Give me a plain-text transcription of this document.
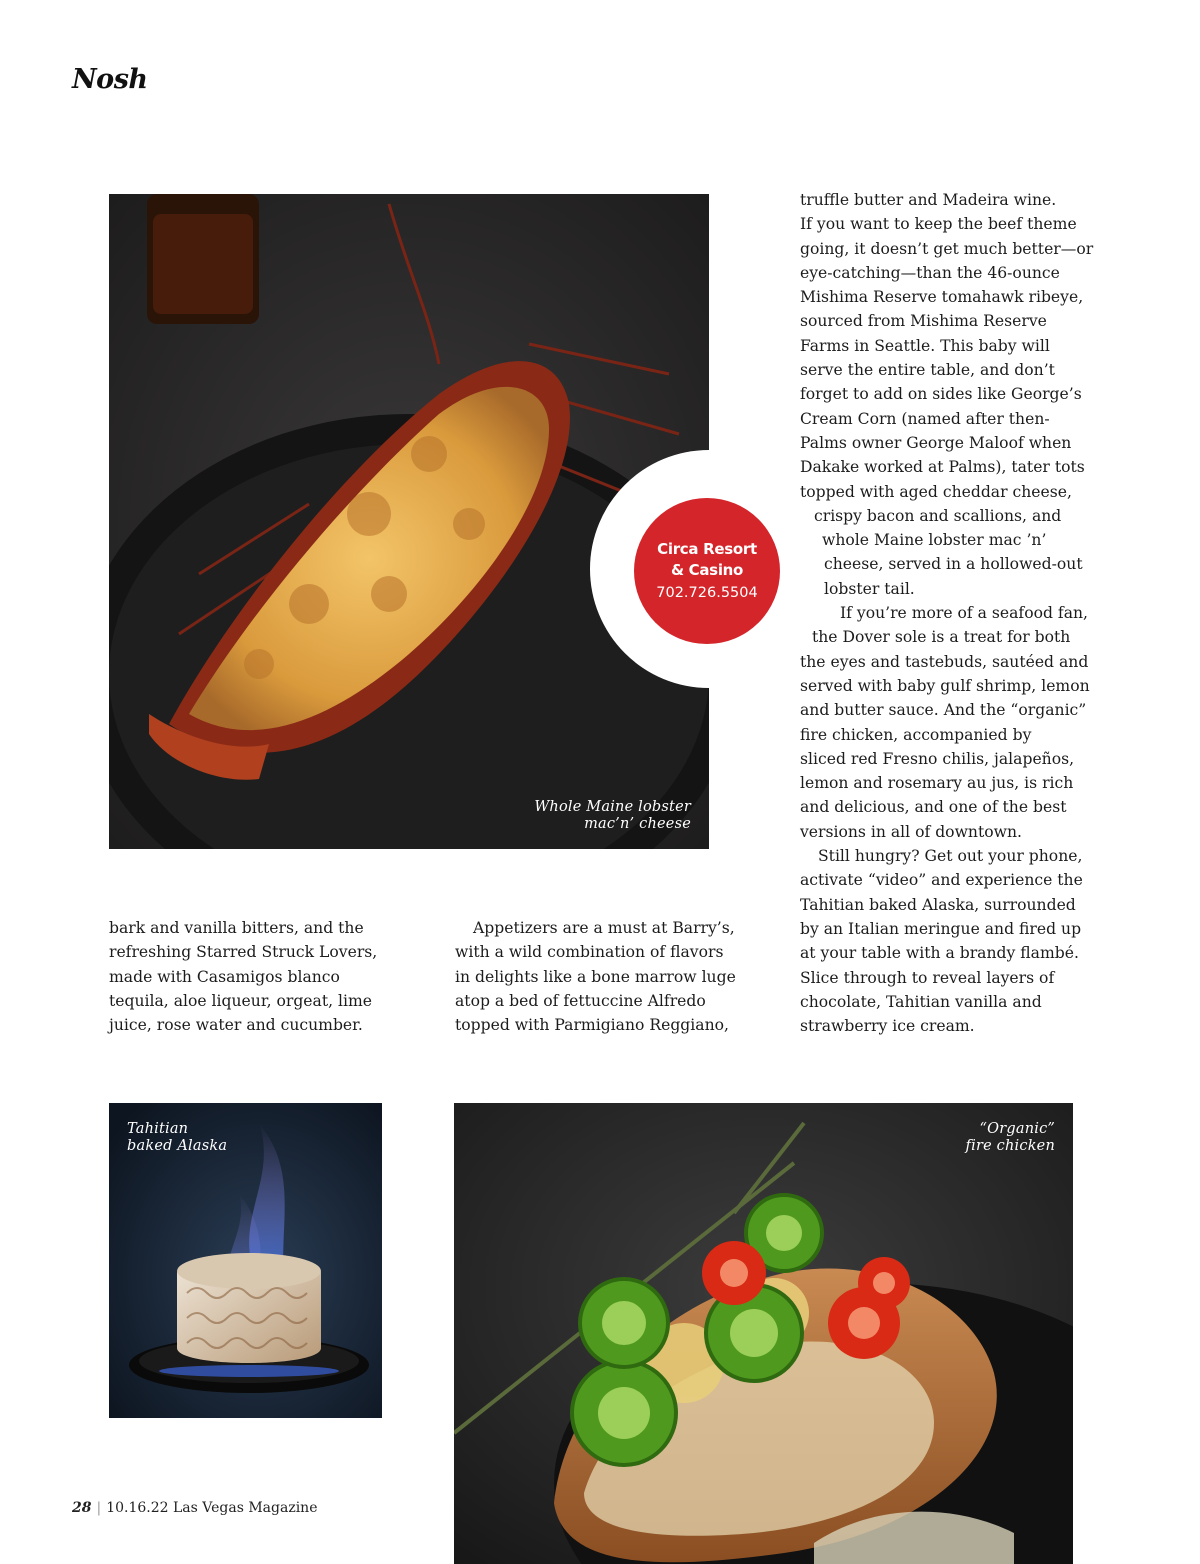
Nosh
Whole Maine lobster
mac’n’ cheese
Circa Resort
& Casino
702.726.5504

truffle butter and Madeira wine.

If you want to keep the beef theme

going, it doesn’t get much better—or

eye-catching—than the 46-ounce

Mishima Reserve tomahawk ribeye,

sourced from Mishima Reserve

Farms in Seattle. This baby will

serve the entire table, and don’t

forget to add on sides like George’s

Cream Corn (named after then-

Palms owner George Maloof when

Dakake worked at Palms), tater tots

topped with aged cheddar cheese,

crispy bacon and scallions, and

whole Maine lobster mac ’n’

cheese, served in a hollowed-out

lobster tail.

If you’re more of a seafood fan,

the Dover sole is a treat for both

the eyes and tastebuds, sautéed and

served with baby gulf shrimp, lemon

and butter sauce. And the “organic”

fire chicken, accompanied by

sliced red Fresno chilis, jalapeños,

lemon and rosemary au jus, is rich

and delicious, and one of the best

versions in all of downtown.

Still hungry? Get out your phone,

activate “video” and experience the

Tahitian baked Alaska, surrounded

by an Italian meringue and fired up

at your table with a brandy flambé.

Slice through to reveal layers of

chocolate, Tahitian vanilla and

strawberry ice cream.

bark and vanilla bitters, and the

refreshing Starred Struck Lovers,

made with Casamigos blanco

tequila, aloe liqueur, orgeat, lime

juice, rose water and cucumber.

Appetizers are a must at Barry’s,

with a wild combination of flavors

in delights like a bone marrow luge

atop a bed of fettuccine Alfredo

topped with Parmigiano Reggiano,

Tahitian
baked Alaska
“Organic”
fire chicken
28 | 10.16.22 Las Vegas Magazine
